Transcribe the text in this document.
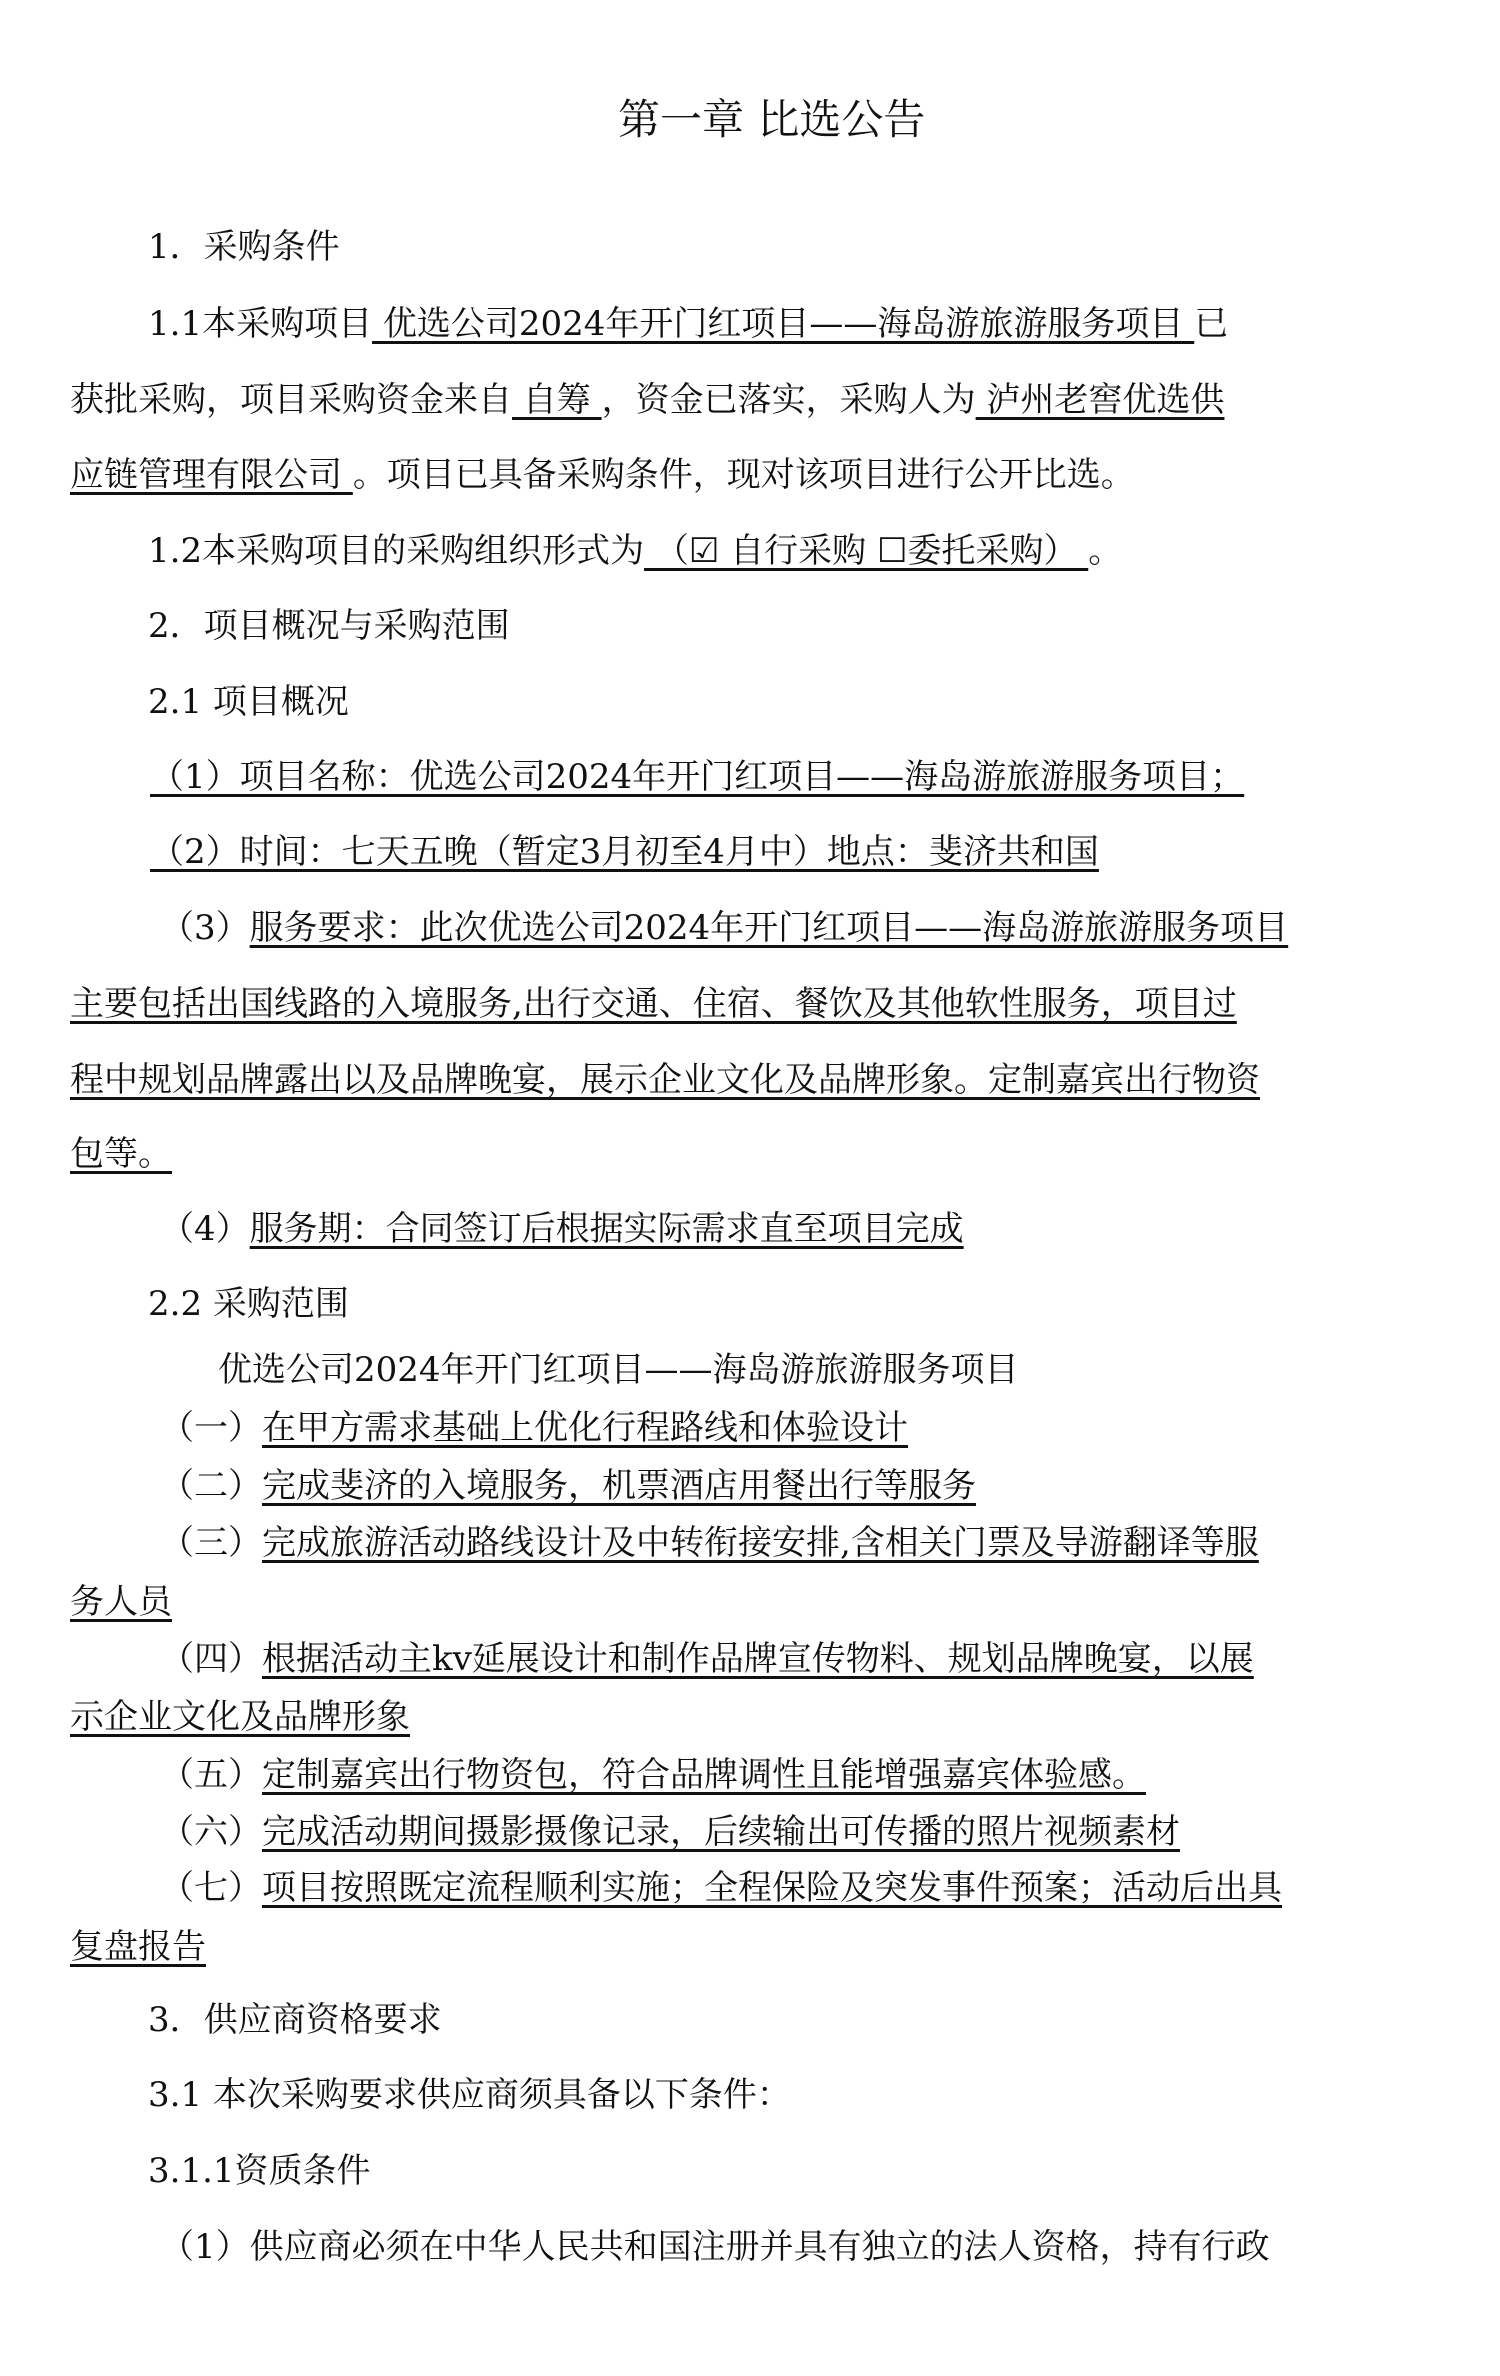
第一章 比选公告
1．采购条件
1.1本采购项目 优选公司2024年开门红项目——海岛游旅游服务项目 已
获批采购，项目采购资金来自 自筹 ，资金已落实，采购人为 泸州老窖优选供
应链管理有限公司 。项目已具备采购条件，现对该项目进行公开比选。
1.2本采购项目的采购组织形式为 （☑ 自行采购 ☐委托采购） 。
2．项目概况与采购范围
2.1 项目概况
（1）项目名称：优选公司2024年开门红项目——海岛游旅游服务项目；
（2）时间：七天五晚（暂定3月初至4月中）地点：斐济共和国
（3）服务要求：此次优选公司2024年开门红项目——海岛游旅游服务项目
主要包括出国线路的入境服务,出行交通、住宿、餐饮及其他软性服务，项目过
程中规划品牌露出以及品牌晚宴，展示企业文化及品牌形象。定制嘉宾出行物资
包等。
（4）服务期：合同签订后根据实际需求直至项目完成
2.2 采购范围
优选公司2024年开门红项目——海岛游旅游服务项目
（一）在甲方需求基础上优化行程路线和体验设计
（二）完成斐济的入境服务，机票酒店用餐出行等服务
（三）完成旅游活动路线设计及中转衔接安排,含相关门票及导游翻译等服
务人员
（四）根据活动主kv延展设计和制作品牌宣传物料、规划品牌晚宴，以展
示企业文化及品牌形象
（五）定制嘉宾出行物资包，符合品牌调性且能增强嘉宾体验感。
（六）完成活动期间摄影摄像记录，后续输出可传播的照片视频素材
（七）项目按照既定流程顺利实施；全程保险及突发事件预案；活动后出具
复盘报告
3．供应商资格要求
3.1 本次采购要求供应商须具备以下条件：
3.1.1资质条件
（1）供应商必须在中华人民共和国注册并具有独立的法人资格，持有行政
